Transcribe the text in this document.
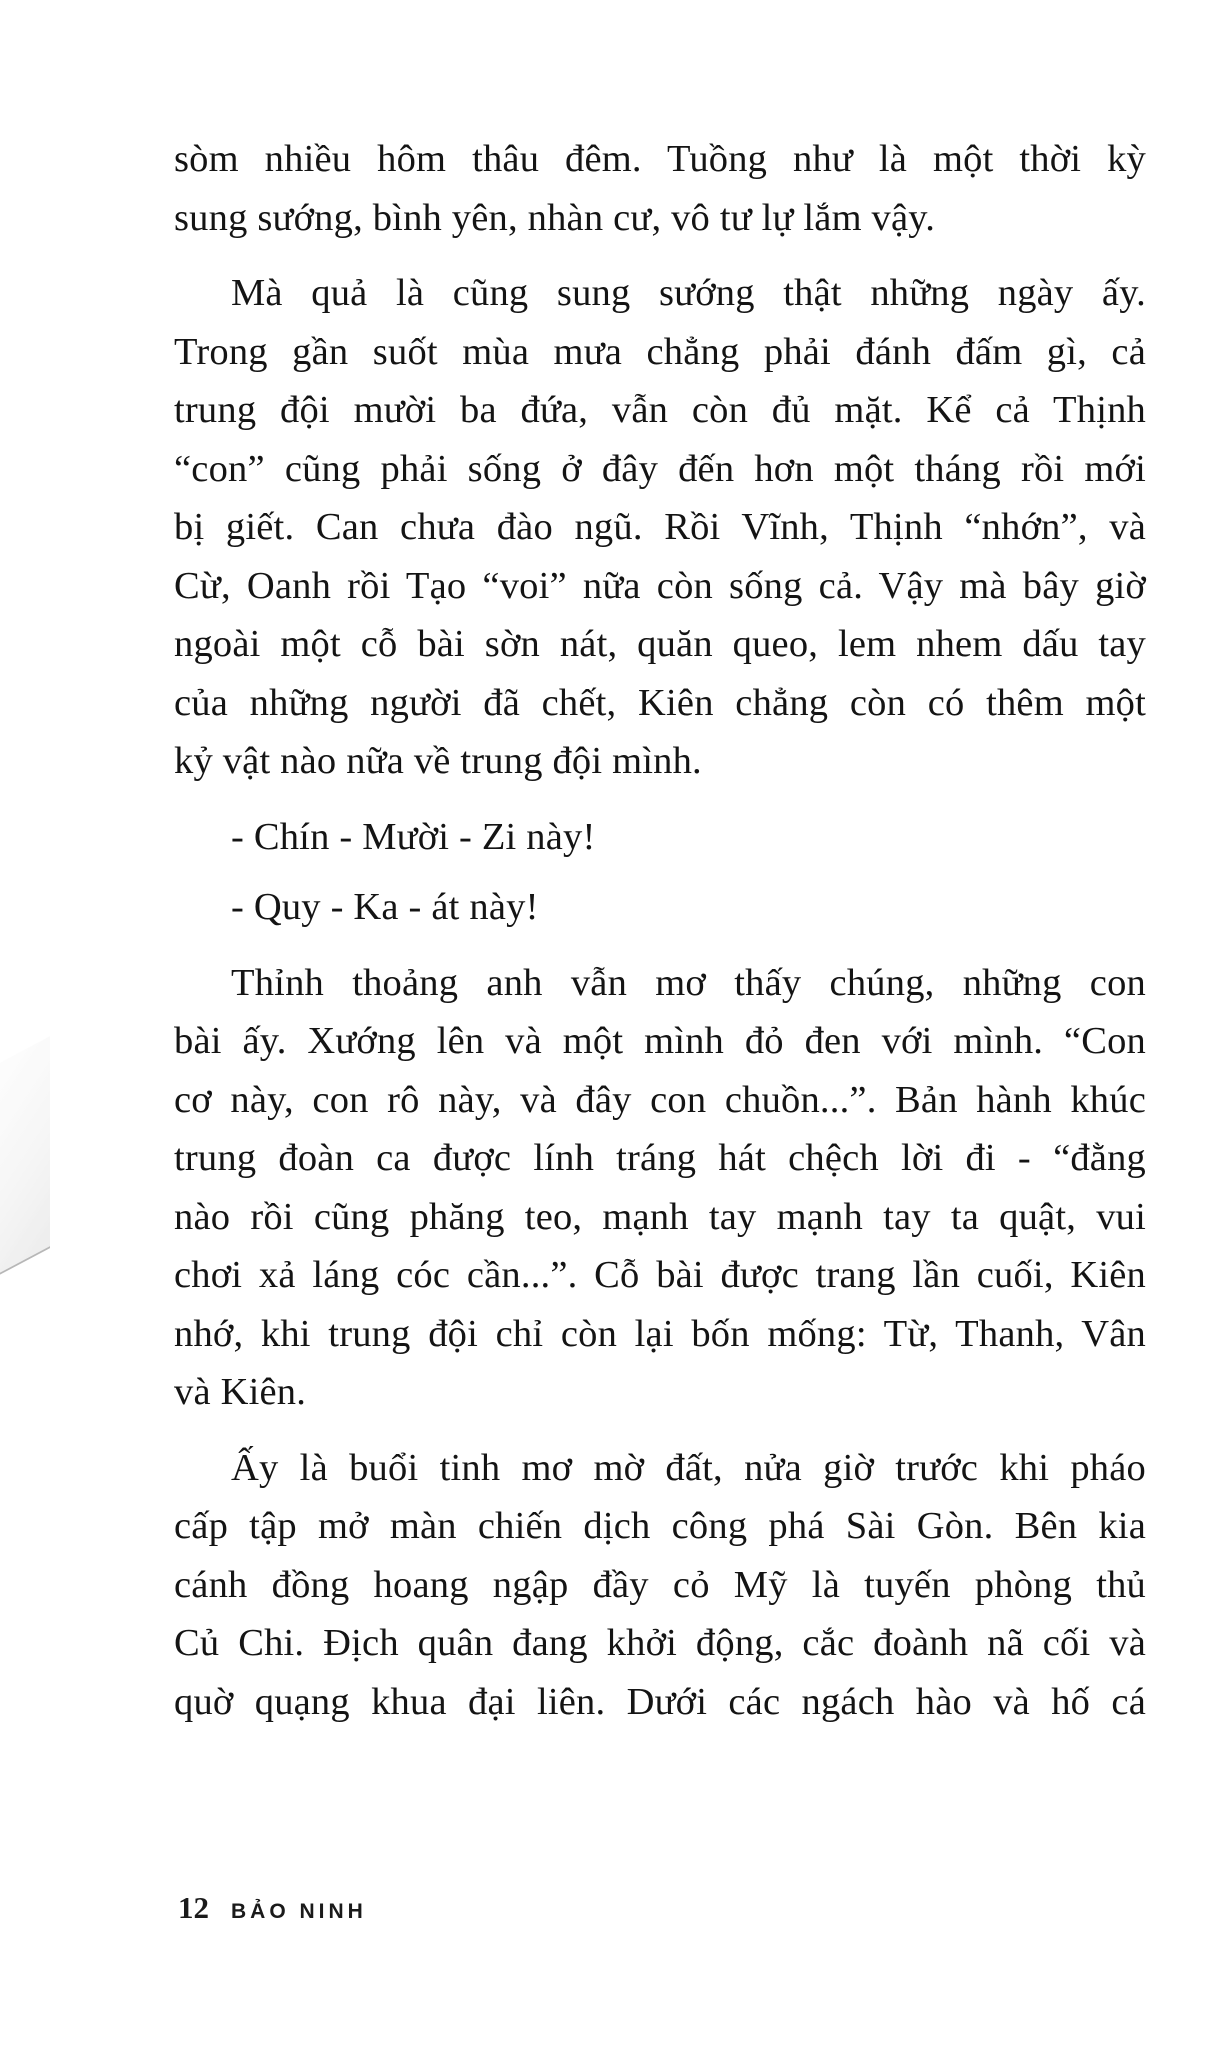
sòm nhiều hôm thâu đêm. Tuồng như là một thời kỳ
sung sướng, bình yên, nhàn cư, vô tư lự lắm vậy.

Mà quả là cũng sung sướng thật những ngày ấy.
Trong gần suốt mùa mưa chẳng phải đánh đấm gì, cả
trung đội mười ba đứa, vẫn còn đủ mặt. Kể cả Thịnh
“con” cũng phải sống ở đây đến hơn một tháng rồi mới
bị giết. Can chưa đào ngũ. Rồi Vĩnh, Thịnh “nhớn”, và
Cừ, Oanh rồi Tạo “voi” nữa còn sống cả. Vậy mà bây giờ
ngoài một cỗ bài sờn nát, quăn queo, lem nhem dấu tay
của những người đã chết, Kiên chẳng còn có thêm một
kỷ vật nào nữa về trung đội mình.

- Chín - Mười - Zi này!

- Quy - Ka - át này!

Thỉnh thoảng anh vẫn mơ thấy chúng, những con
bài ấy. Xướng lên và một mình đỏ đen với mình. “Con
cơ này, con rô này, và đây con chuồn...”. Bản hành khúc
trung đoàn ca được lính tráng hát chệch lời đi - “đằng
nào rồi cũng phăng teo, mạnh tay mạnh tay ta quật, vui
chơi xả láng cóc cần...”. Cỗ bài được trang lần cuối, Kiên
nhớ, khi trung đội chỉ còn lại bốn mống: Từ, Thanh, Vân
và Kiên.

Ấy là buổi tinh mơ mờ đất, nửa giờ trước khi pháo
cấp tập mở màn chiến dịch công phá Sài Gòn. Bên kia
cánh đồng hoang ngập đầy cỏ Mỹ là tuyến phòng thủ
Củ Chi. Địch quân đang khởi động, cắc đoành nã cối và
quờ quạng khua đại liên. Dưới các ngách hào và hố cá

12 BẢO NINH
